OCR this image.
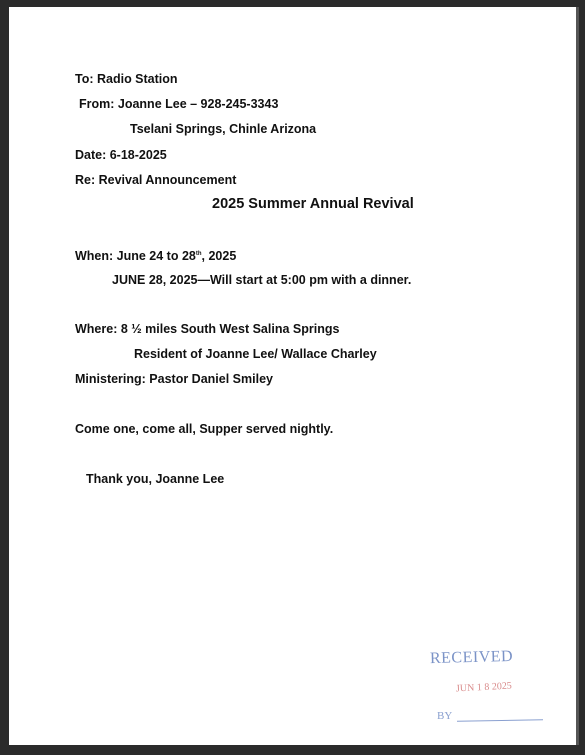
To: Radio Station
From: Joanne Lee – 928-245-3343
Tselani Springs, Chinle Arizona
Date: 6-18-2025
Re: Revival Announcement
2025 Summer Annual Revival
When: June 24 to 28th, 2025
JUNE 28, 2025—Will start at 5:00 pm with a dinner.
Where: 8 ½ miles South West Salina Springs
Resident of Joanne Lee/ Wallace Charley
Ministering: Pastor Daniel Smiley
Come one, come all, Supper served nightly.
Thank you, Joanne Lee
RECEIVED
JUN 1 8 2025
BY
